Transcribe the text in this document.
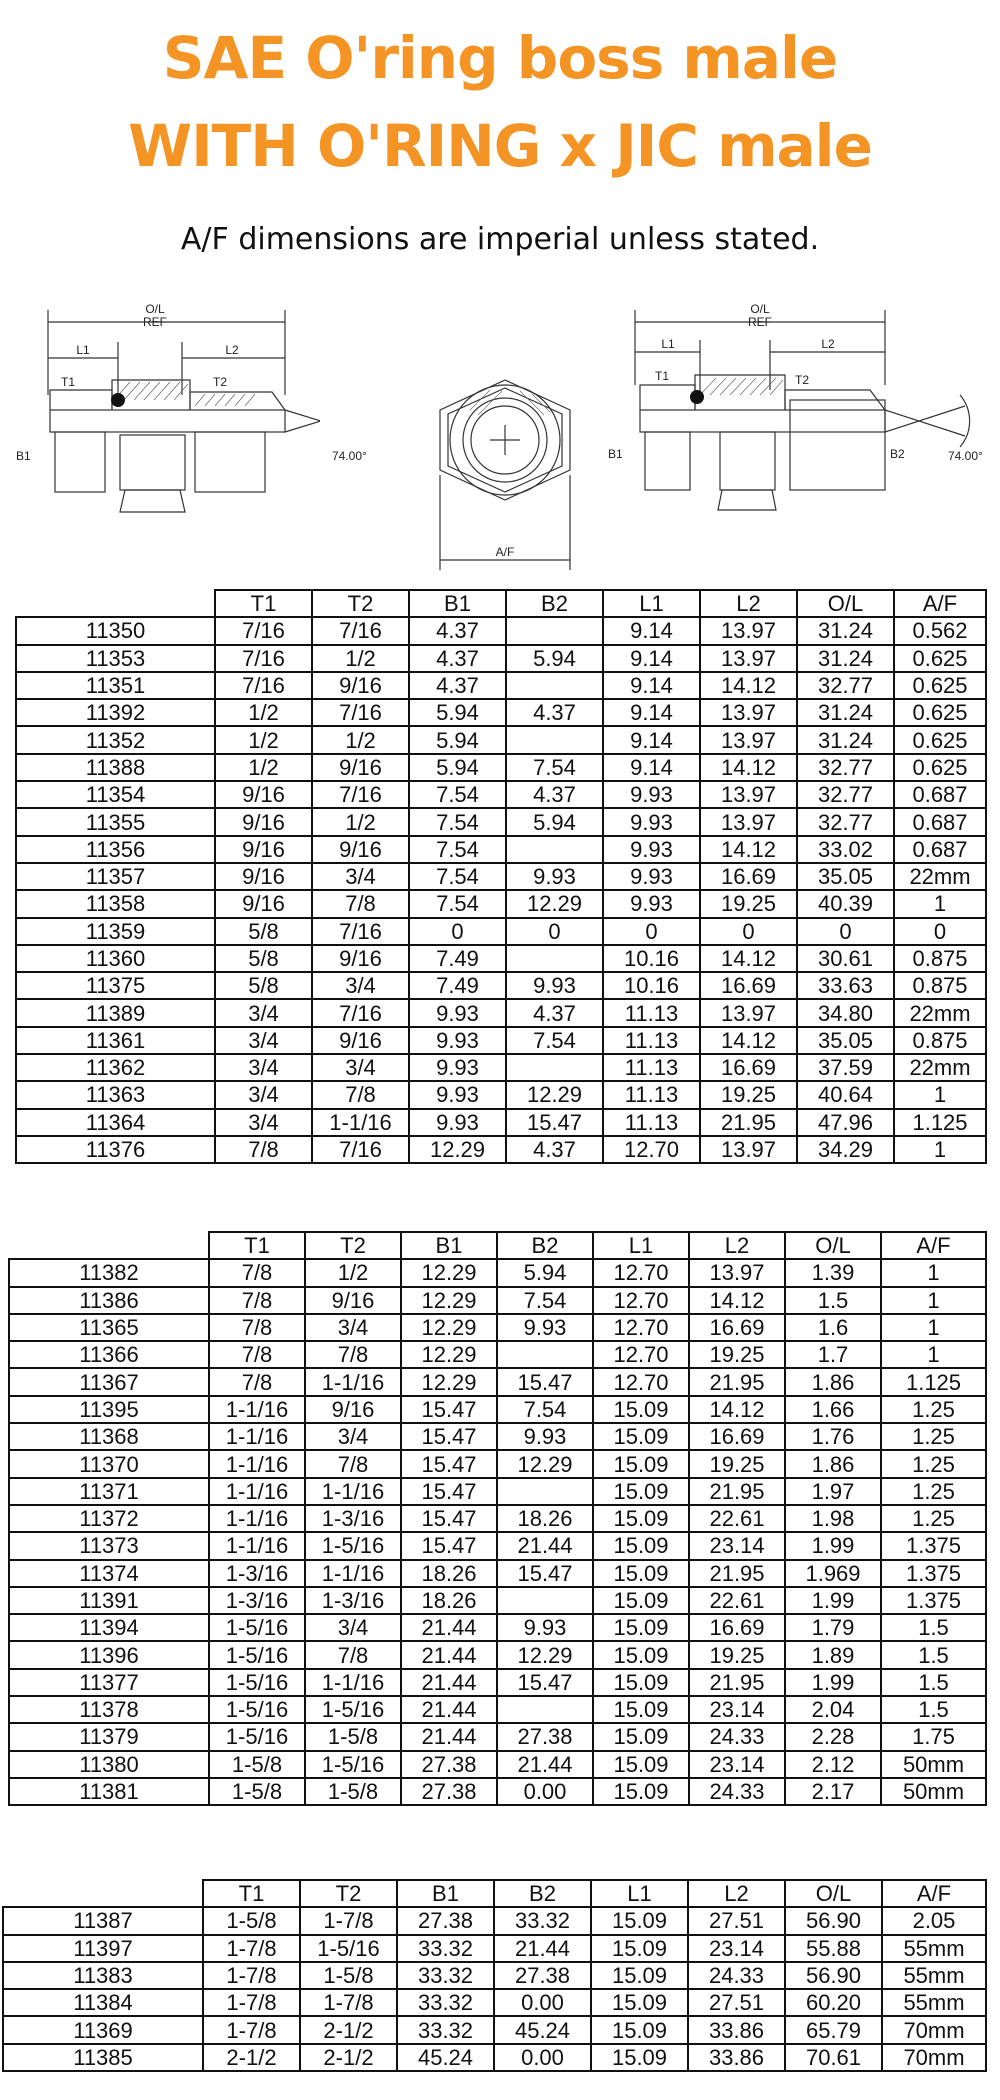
SAE O'ring boss male
WITH O'RING x JIC male
A/F dimensions are imperial unless stated.
O/L
REF
L1	L2
T1	T2
B1	74.00°
A/F
O/L
REF
L1	L2
T1	T2
B1	B2	74.00°
	T1	T2	B1	B2	L1	L2	O/L	A/F
11350	7/16	7/16	4.37		9.14	13.97	31.24	0.562
11353	7/16	1/2	4.37	5.94	9.14	13.97	31.24	0.625
11351	7/16	9/16	4.37		9.14	14.12	32.77	0.625
11392	1/2	7/16	5.94	4.37	9.14	13.97	31.24	0.625
11352	1/2	1/2	5.94		9.14	13.97	31.24	0.625
11388	1/2	9/16	5.94	7.54	9.14	14.12	32.77	0.625
11354	9/16	7/16	7.54	4.37	9.93	13.97	32.77	0.687
11355	9/16	1/2	7.54	5.94	9.93	13.97	32.77	0.687
11356	9/16	9/16	7.54		9.93	14.12	33.02	0.687
11357	9/16	3/4	7.54	9.93	9.93	16.69	35.05	22mm
11358	9/16	7/8	7.54	12.29	9.93	19.25	40.39	1
11359	5/8	7/16	0	0	0	0	0	0
11360	5/8	9/16	7.49		10.16	14.12	30.61	0.875
11375	5/8	3/4	7.49	9.93	10.16	16.69	33.63	0.875
11389	3/4	7/16	9.93	4.37	11.13	13.97	34.80	22mm
11361	3/4	9/16	9.93	7.54	11.13	14.12	35.05	0.875
11362	3/4	3/4	9.93		11.13	16.69	37.59	22mm
11363	3/4	7/8	9.93	12.29	11.13	19.25	40.64	1
11364	3/4	1-1/16	9.93	15.47	11.13	21.95	47.96	1.125
11376	7/8	7/16	12.29	4.37	12.70	13.97	34.29	1
	T1	T2	B1	B2	L1	L2	O/L	A/F
11382	7/8	1/2	12.29	5.94	12.70	13.97	1.39	1
11386	7/8	9/16	12.29	7.54	12.70	14.12	1.5	1
11365	7/8	3/4	12.29	9.93	12.70	16.69	1.6	1
11366	7/8	7/8	12.29		12.70	19.25	1.7	1
11367	7/8	1-1/16	12.29	15.47	12.70	21.95	1.86	1.125
11395	1-1/16	9/16	15.47	7.54	15.09	14.12	1.66	1.25
11368	1-1/16	3/4	15.47	9.93	15.09	16.69	1.76	1.25
11370	1-1/16	7/8	15.47	12.29	15.09	19.25	1.86	1.25
11371	1-1/16	1-1/16	15.47		15.09	21.95	1.97	1.25
11372	1-1/16	1-3/16	15.47	18.26	15.09	22.61	1.98	1.25
11373	1-1/16	1-5/16	15.47	21.44	15.09	23.14	1.99	1.375
11374	1-3/16	1-1/16	18.26	15.47	15.09	21.95	1.969	1.375
11391	1-3/16	1-3/16	18.26		15.09	22.61	1.99	1.375
11394	1-5/16	3/4	21.44	9.93	15.09	16.69	1.79	1.5
11396	1-5/16	7/8	21.44	12.29	15.09	19.25	1.89	1.5
11377	1-5/16	1-1/16	21.44	15.47	15.09	21.95	1.99	1.5
11378	1-5/16	1-5/16	21.44		15.09	23.14	2.04	1.5
11379	1-5/16	1-5/8	21.44	27.38	15.09	24.33	2.28	1.75
11380	1-5/8	1-5/16	27.38	21.44	15.09	23.14	2.12	50mm
11381	1-5/8	1-5/8	27.38	0.00	15.09	24.33	2.17	50mm
	T1	T2	B1	B2	L1	L2	O/L	A/F
11387	1-5/8	1-7/8	27.38	33.32	15.09	27.51	56.90	2.05
11397	1-7/8	1-5/16	33.32	21.44	15.09	23.14	55.88	55mm
11383	1-7/8	1-5/8	33.32	27.38	15.09	24.33	56.90	55mm
11384	1-7/8	1-7/8	33.32	0.00	15.09	27.51	60.20	55mm
11369	1-7/8	2-1/2	33.32	45.24	15.09	33.86	65.79	70mm
11385	2-1/2	2-1/2	45.24	0.00	15.09	33.86	70.61	70mm
